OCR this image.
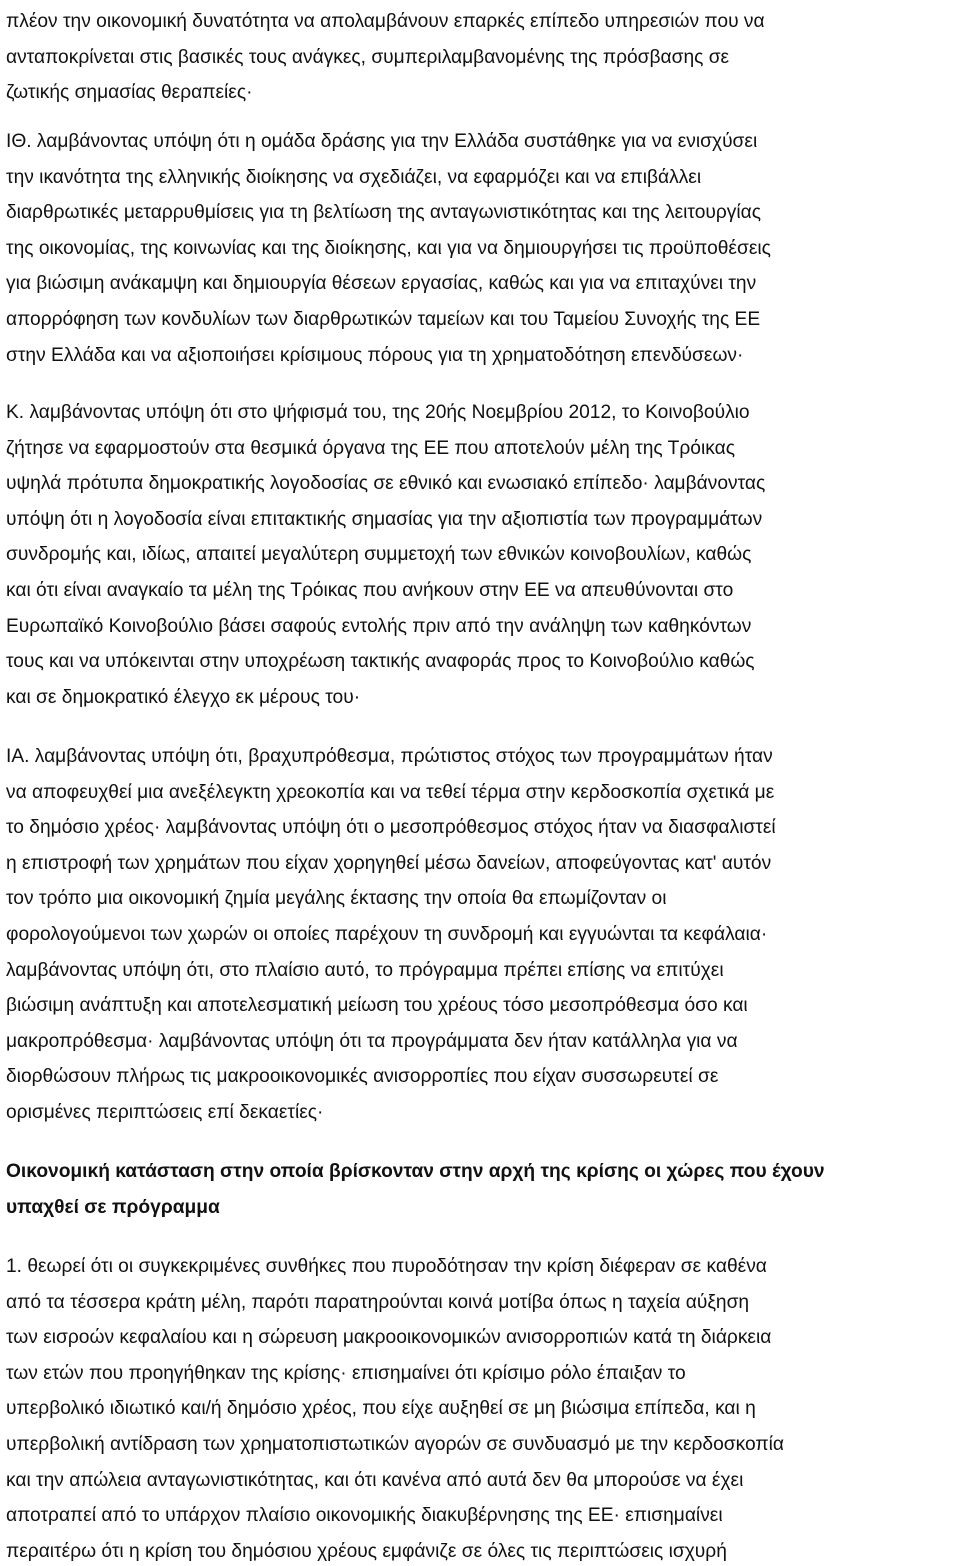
πλέον την οικονομική δυνατότητα να απολαμβάνουν επαρκές επίπεδο υπηρεσιών που να
ανταποκρίνεται στις βασικές τους ανάγκες, συμπεριλαμβανομένης της πρόσβασης σε
ζωτικής σημασίας θεραπείες·
ΙΘ. λαμβάνοντας υπόψη ότι η ομάδα δράσης για την Ελλάδα συστάθηκε για να ενισχύσει
την ικανότητα της ελληνικής διοίκησης να σχεδιάζει, να εφαρμόζει και να επιβάλλει
διαρθρωτικές μεταρρυθμίσεις για τη βελτίωση της ανταγωνιστικότητας και της λειτουργίας
της οικονομίας, της κοινωνίας και της διοίκησης, και για να δημιουργήσει τις προϋποθέσεις
για βιώσιμη ανάκαμψη και δημιουργία θέσεων εργασίας, καθώς και για να επιταχύνει την
απορρόφηση των κονδυλίων των διαρθρωτικών ταμείων και του Ταμείου Συνοχής της ΕΕ
στην Ελλάδα και να αξιοποιήσει κρίσιμους πόρους για τη χρηματοδότηση επενδύσεων·
Κ. λαμβάνοντας υπόψη ότι στο ψήφισμά του, της 20ής Νοεμβρίου 2012, το Κοινοβούλιο
ζήτησε να εφαρμοστούν στα θεσμικά όργανα της ΕΕ που αποτελούν μέλη της Τρόικας
υψηλά πρότυπα δημοκρατικής λογοδοσίας σε εθνικό και ενωσιακό επίπεδο· λαμβάνοντας
υπόψη ότι η λογοδοσία είναι επιτακτικής σημασίας για την αξιοπιστία των προγραμμάτων
συνδρομής και, ιδίως, απαιτεί μεγαλύτερη συμμετοχή των εθνικών κοινοβουλίων, καθώς
και ότι είναι αναγκαίο τα μέλη της Τρόικας που ανήκουν στην ΕΕ να απευθύνονται στο
Ευρωπαϊκό Κοινοβούλιο βάσει σαφούς εντολής πριν από την ανάληψη των καθηκόντων
τους και να υπόκεινται στην υποχρέωση τακτικής αναφοράς προς το Κοινοβούλιο καθώς
και σε δημοκρατικό έλεγχο εκ μέρους του·
ΙΑ. λαμβάνοντας υπόψη ότι, βραχυπρόθεσμα, πρώτιστος στόχος των προγραμμάτων ήταν
να αποφευχθεί μια ανεξέλεγκτη χρεοκοπία και να τεθεί τέρμα στην κερδοσκοπία σχετικά με
το δημόσιο χρέος· λαμβάνοντας υπόψη ότι ο μεσοπρόθεσμος στόχος ήταν να διασφαλιστεί
η επιστροφή των χρημάτων που είχαν χορηγηθεί μέσω δανείων, αποφεύγοντας κατ' αυτόν
τον τρόπο μια οικονομική ζημία μεγάλης έκτασης την οποία θα επωμίζονταν οι
φορολογούμενοι των χωρών οι οποίες παρέχουν τη συνδρομή και εγγυώνται τα κεφάλαια·
λαμβάνοντας υπόψη ότι, στο πλαίσιο αυτό, το πρόγραμμα πρέπει επίσης να επιτύχει
βιώσιμη ανάπτυξη και αποτελεσματική μείωση του χρέους τόσο μεσοπρόθεσμα όσο και
μακροπρόθεσμα· λαμβάνοντας υπόψη ότι τα προγράμματα δεν ήταν κατάλληλα για να
διορθώσουν πλήρως τις μακροοικονομικές ανισορροπίες που είχαν συσσωρευτεί σε
ορισμένες περιπτώσεις επί δεκαετίες·
Οικονομική κατάσταση στην οποία βρίσκονταν στην αρχή της κρίσης οι χώρες που έχουν
υπαχθεί σε πρόγραμμα
1. θεωρεί ότι οι συγκεκριμένες συνθήκες που πυροδότησαν την κρίση διέφεραν σε καθένα
από τα τέσσερα κράτη μέλη, παρότι παρατηρούνται κοινά μοτίβα όπως η ταχεία αύξηση
των εισροών κεφαλαίου και η σώρευση μακροοικονομικών ανισορροπιών κατά τη διάρκεια
των ετών που προηγήθηκαν της κρίσης· επισημαίνει ότι κρίσιμο ρόλο έπαιξαν το
υπερβολικό ιδιωτικό και/ή δημόσιο χρέος, που είχε αυξηθεί σε μη βιώσιμα επίπεδα, και η
υπερβολική αντίδραση των χρηματοπιστωτικών αγορών σε συνδυασμό με την κερδοσκοπία
και την απώλεια ανταγωνιστικότητας, και ότι κανένα από αυτά δεν θα μπορούσε να έχει
αποτραπεί από το υπάρχον πλαίσιο οικονομικής διακυβέρνησης της ΕΕ· επισημαίνει
περαιτέρω ότι η κρίση του δημόσιου χρέους εμφάνιζε σε όλες τις περιπτώσεις ισχυρή
